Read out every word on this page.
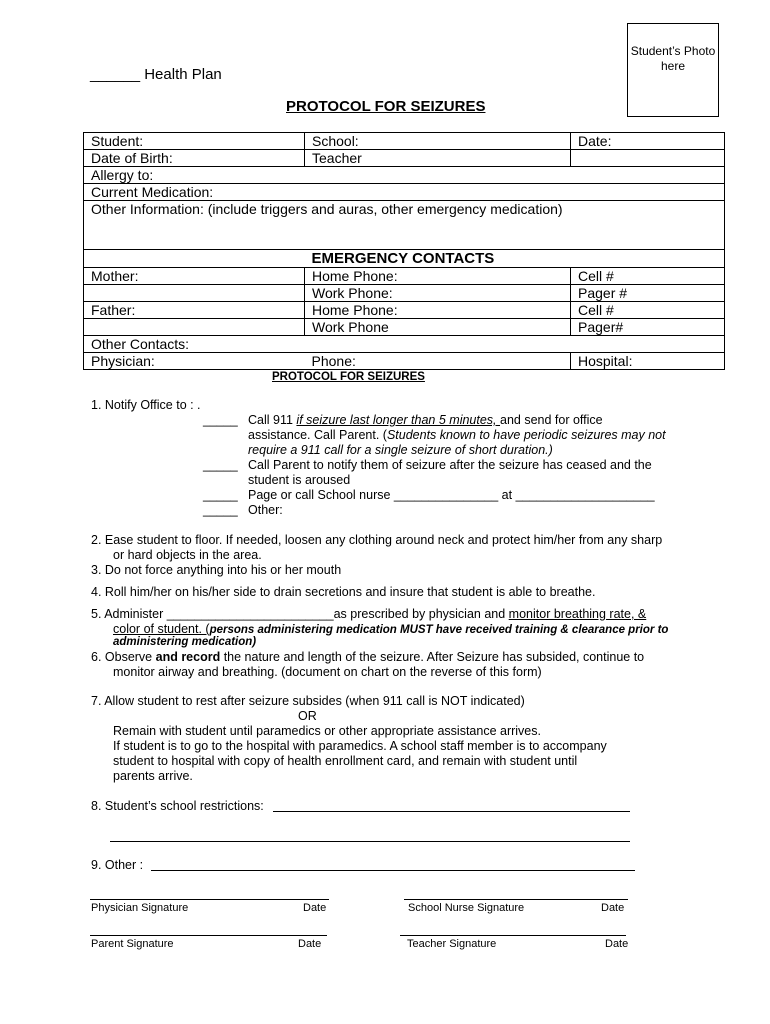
Student’s Photo here
______ Health Plan
PROTOCOL FOR SEIZURES
Student:	School:	Date:
Date of Birth:	Teacher	
Allergy to:		
Current Medication:		
Other Information: (include triggers and auras, other emergency medication)		
	EMERGENCY CONTACTS	
Mother:	Home Phone:	Cell #
	Work Phone:	Pager #
Father:	Home Phone:	Cell #
	Work Phone	Pager#
Other Contacts:		
Physician:	Phone:	Hospital:
PROTOCOL FOR SEIZURES
1. Notify Office to : .
_____ Call 911 if seizure last longer than 5 minutes, and send for office
assistance. Call Parent. (Students known to have periodic seizures may not
require a 911 call for a single seizure of short duration.)
_____ Call Parent to notify them of seizure after the seizure has ceased and the
student is aroused
_____ Page or call School nurse _______________ at ____________________
_____ Other:
2. Ease student to floor. If needed, loosen any clothing around neck and protect him/her from any sharp
or hard objects in the area.
3. Do not force anything into his or her mouth
4. Roll him/her on his/her side to drain secretions and insure that student is able to breathe.
5. Administer ________________________as prescribed by physician and monitor breathing rate, &
color of student. (persons administering medication MUST have received training & clearance prior to
administering medication)
6. Observe and record the nature and length of the seizure. After Seizure has subsided, continue to
monitor airway and breathing. (document on chart on the reverse of this form)
7. Allow student to rest after seizure subsides (when 911 call is NOT indicated)
OR
Remain with student until paramedics or other appropriate assistance arrives.
If student is to go to the hospital with paramedics. A school staff member is to accompany
student to hospital with copy of health enrollment card, and remain with student until
parents arrive.
8. Student’s school restrictions:
9. Other :
Physician Signature	Date	School Nurse Signature	Date
Parent Signature	Date	Teacher Signature	Date
